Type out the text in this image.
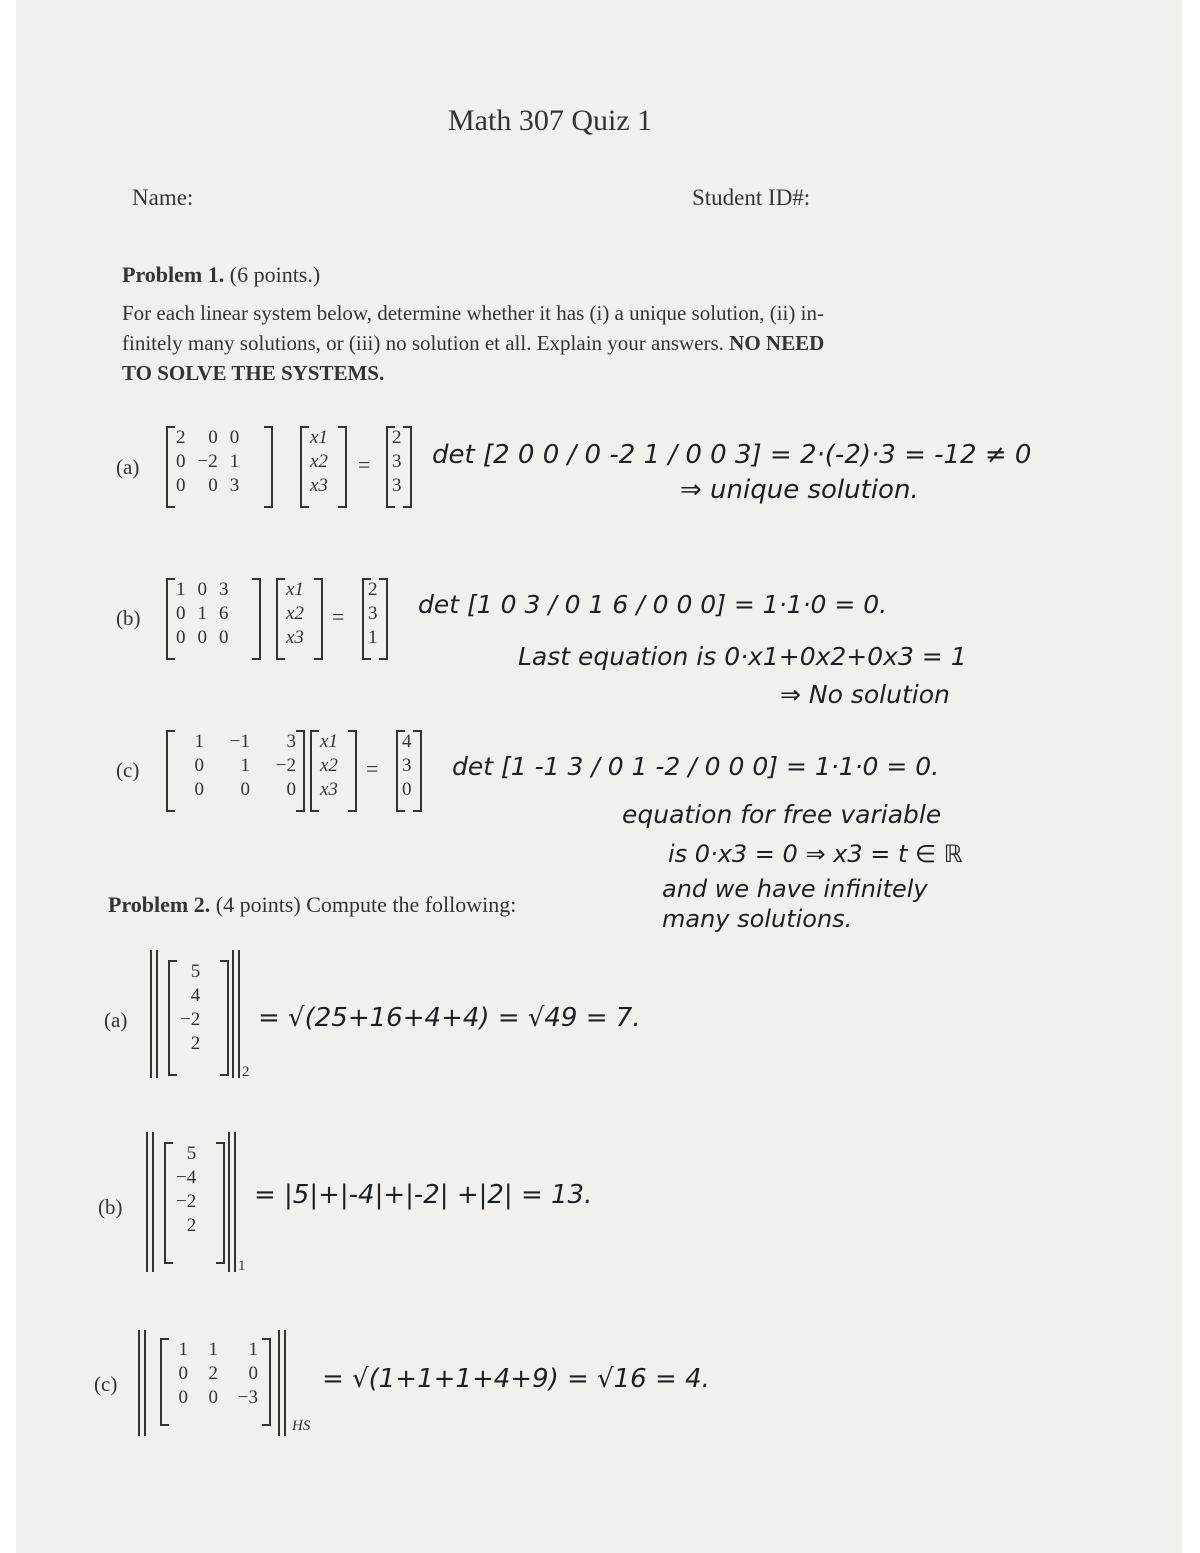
Math 307 Quiz 1
Name:	Student ID#:
Problem 1. (6 points.)
For each linear system below, determine whether it has (i) a unique solution, (ii) in-
finitely many solutions, or (iii) no solution et all. Explain your answers. NO NEED
TO SOLVE THE SYSTEMS.
(a)
2	0	0
0	−2	1
0	0	3
x1
x2
x3
=
2
3
3
det [2 0 0 / 0 -2 1 / 0 0 3] = 2·(-2)·3 = -12 ≠ 0
⇒ unique solution.
(b)
1	0	3
0	1	6
0	0	0
x1
x2
x3
=
2
3
1
det [1 0 3 / 0 1 6 / 0 0 0] = 1·1·0 = 0.
Last equation is 0·x1+0x2+0x3 = 1
⇒ No solution
(c)
1	−1	3
0	1	−2
0	0	0
x1
x2
x3
=
4
3
0
det [1 -1 3 / 0 1 -2 / 0 0 0] = 1·1·0 = 0.
equation for free variable
is 0·x3 = 0 ⇒ x3 = t ∈ ℝ
and we have infinitely
many solutions.
Problem 2. (4 points) Compute the following:
(a)
5
4
−2
2
2
= √(25+16+4+4) = √49 = 7.
(b)
5
−4
−2
2
1
= |5|+|-4|+|-2| +|2| = 13.
(c)
1	1	1
0	2	0
0	0	−3
HS
= √(1+1+1+4+9) = √16 = 4.
